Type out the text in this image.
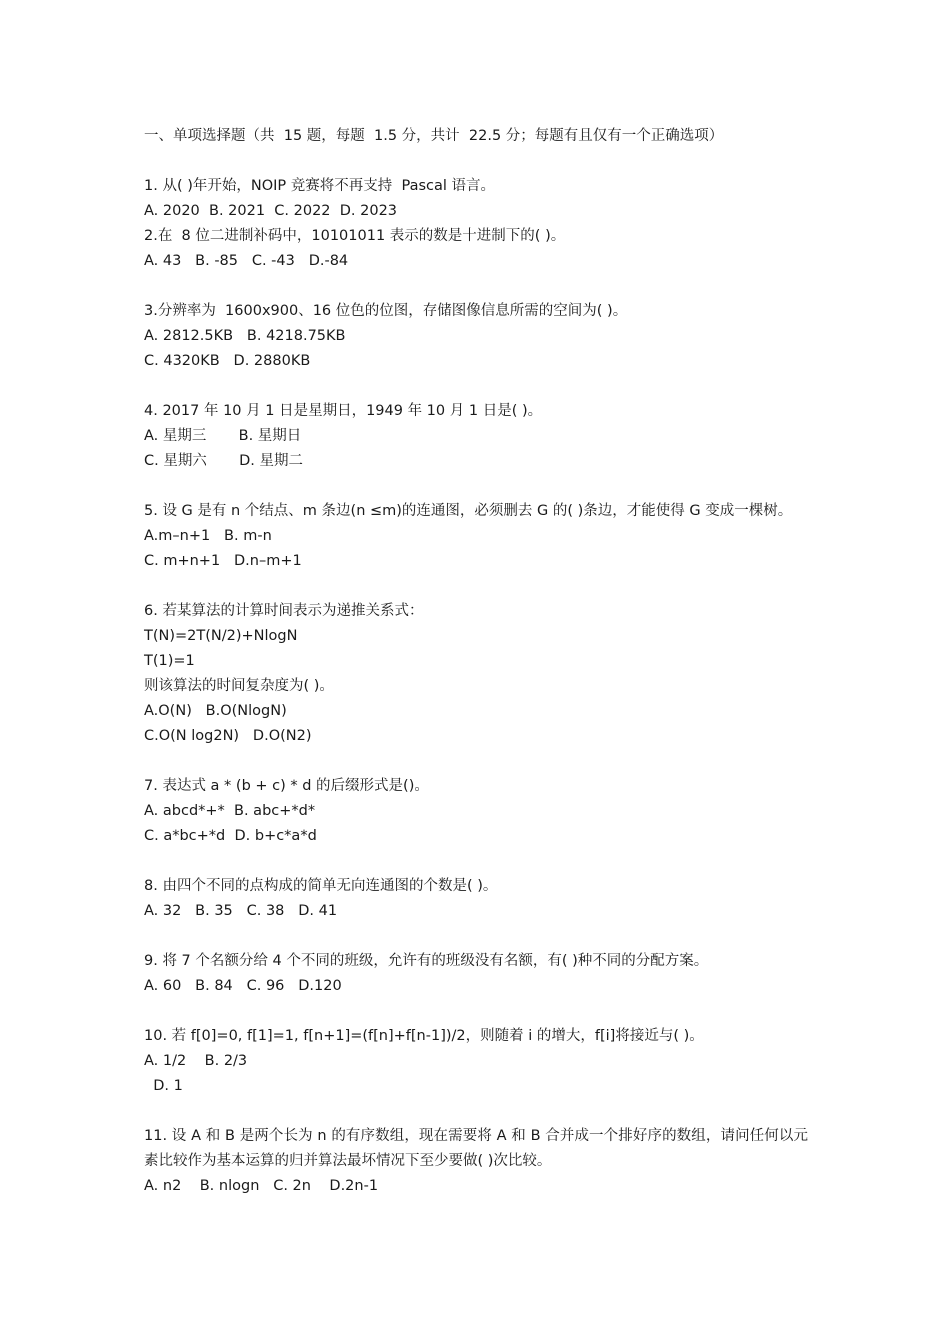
一、单项选择题（共  15 题，每题  1.5 分，共计  22.5 分；每题有且仅有一个正确选项）
1. 从( )年开始，NOIP 竞赛将不再支持  Pascal 语言。
A. 2020  B. 2021  C. 2022  D. 2023
2.在  8 位二进制补码中，10101011 表示的数是十进制下的( )。
A. 43   B. -85   C. -43   D.-84
3.分辨率为  1600x900、16 位色的位图，存储图像信息所需的空间为( )。
A. 2812.5KB   B. 4218.75KB
C. 4320KB   D. 2880KB
4. 2017 年 10 月 1 日是星期日，1949 年 10 月 1 日是( )。
A. 星期三       B. 星期日
C. 星期六       D. 星期二
5. 设 G 是有 n 个结点、m 条边(n ≤m)的连通图，必须删去 G 的( )条边，才能使得 G 变成一棵树。
A.m–n+1   B. m-n
C. m+n+1   D.n–m+1
6. 若某算法的计算时间表示为递推关系式：
T(N)=2T(N/2)+NlogN
T(1)=1
则该算法的时间复杂度为( )。
A.O(N)   B.O(NlogN)
C.O(N log2N)   D.O(N2)
7. 表达式 a * (b + c) * d 的后缀形式是()。
A. abcd*+*  B. abc+*d*
C. a*bc+*d  D. b+c*a*d
8. 由四个不同的点构成的简单无向连通图的个数是( )。
A. 32   B. 35   C. 38   D. 41
9. 将 7 个名额分给 4 个不同的班级，允许有的班级没有名额，有( )种不同的分配方案。
A. 60   B. 84   C. 96   D.120
10. 若 f[0]=0, f[1]=1, f[n+1]=(f[n]+f[n-1])/2，则随着 i 的增大，f[i]将接近与( )。
A. 1/2    B. 2/3
D. 1
11. 设 A 和 B 是两个长为 n 的有序数组，现在需要将 A 和 B 合并成一个排好序的数组，请问任何以元素比较作为基本运算的归并算法最坏情况下至少要做( )次比较。
A. n2    B. nlogn   C. 2n    D.2n-1
